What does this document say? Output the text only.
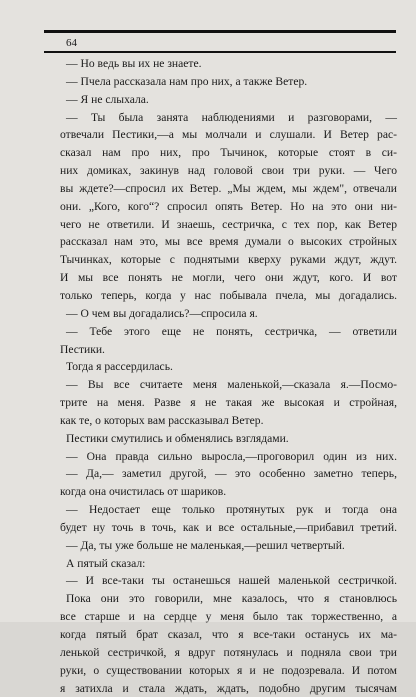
64
— Но ведь вы их не знаете.
— Пчела рассказала нам про них, а также Ветер.
— Я не слыхала.
— Ты была занята наблюдениями и разговорами, —
отвечали Пестики,—а мы молчали и слушали. И Ветер рас-
сказал нам про них, про Тычинок, которые стоят в си-
них домиках, закинув над головой свои три руки. — Чего
вы ждете?—спросил их Ветер. „Мы ждем, мы ждем", отвечали
они. „Кого, кого“? спросил опять Ветер. Но на это они ни-
чего не ответили. И знаешь, сестричка, с тех пор, как Ветер
рассказал нам это, мы все время думали о высоких стройных
Тычинках, которые с поднятыми кверху руками ждут, ждут.
И мы все понять не могли, чего они ждут, кого. И вот
только теперь, когда у нас побывала пчела, мы догадались.
— О чем вы догадались?—спросила я.
— Тебе этого еще не понять, сестричка, — ответили
Пестики.
Тогда я рассердилась.
— Вы все считаете меня маленькой,—сказала я.—Посмо-
трите на меня. Разве я не такая же высокая и стройная,
как те, о которых вам рассказывал Ветер.
Пестики смутились и обменялись взглядами.
— Она правда сильно выросла,—проговорил один из них.
— Да,— заметил другой, — это особенно заметно теперь,
когда она очистилась от шариков.
— Недостает еще только протянутых рук и тогда она
будет ну точь в точь, как и все остальные,—прибавил третий.
— Да, ты уже больше не маленькая,—решил четвертый.
А пятый сказал:
— И все-таки ты останешься нашей маленькой сестричкой.
Пока они это говорили, мне казалось, что я становлюсь
все старше и на сердце у меня было так торжественно, а
когда пятый брат сказал, что я все-таки останусь их ма-
ленькой сестричкой, я вдруг потянулась и подняла свои три
руки, о существовании которых я и не подозревала. И потом
я затихла и стала ждать, ждать, подобно другим тысячам
